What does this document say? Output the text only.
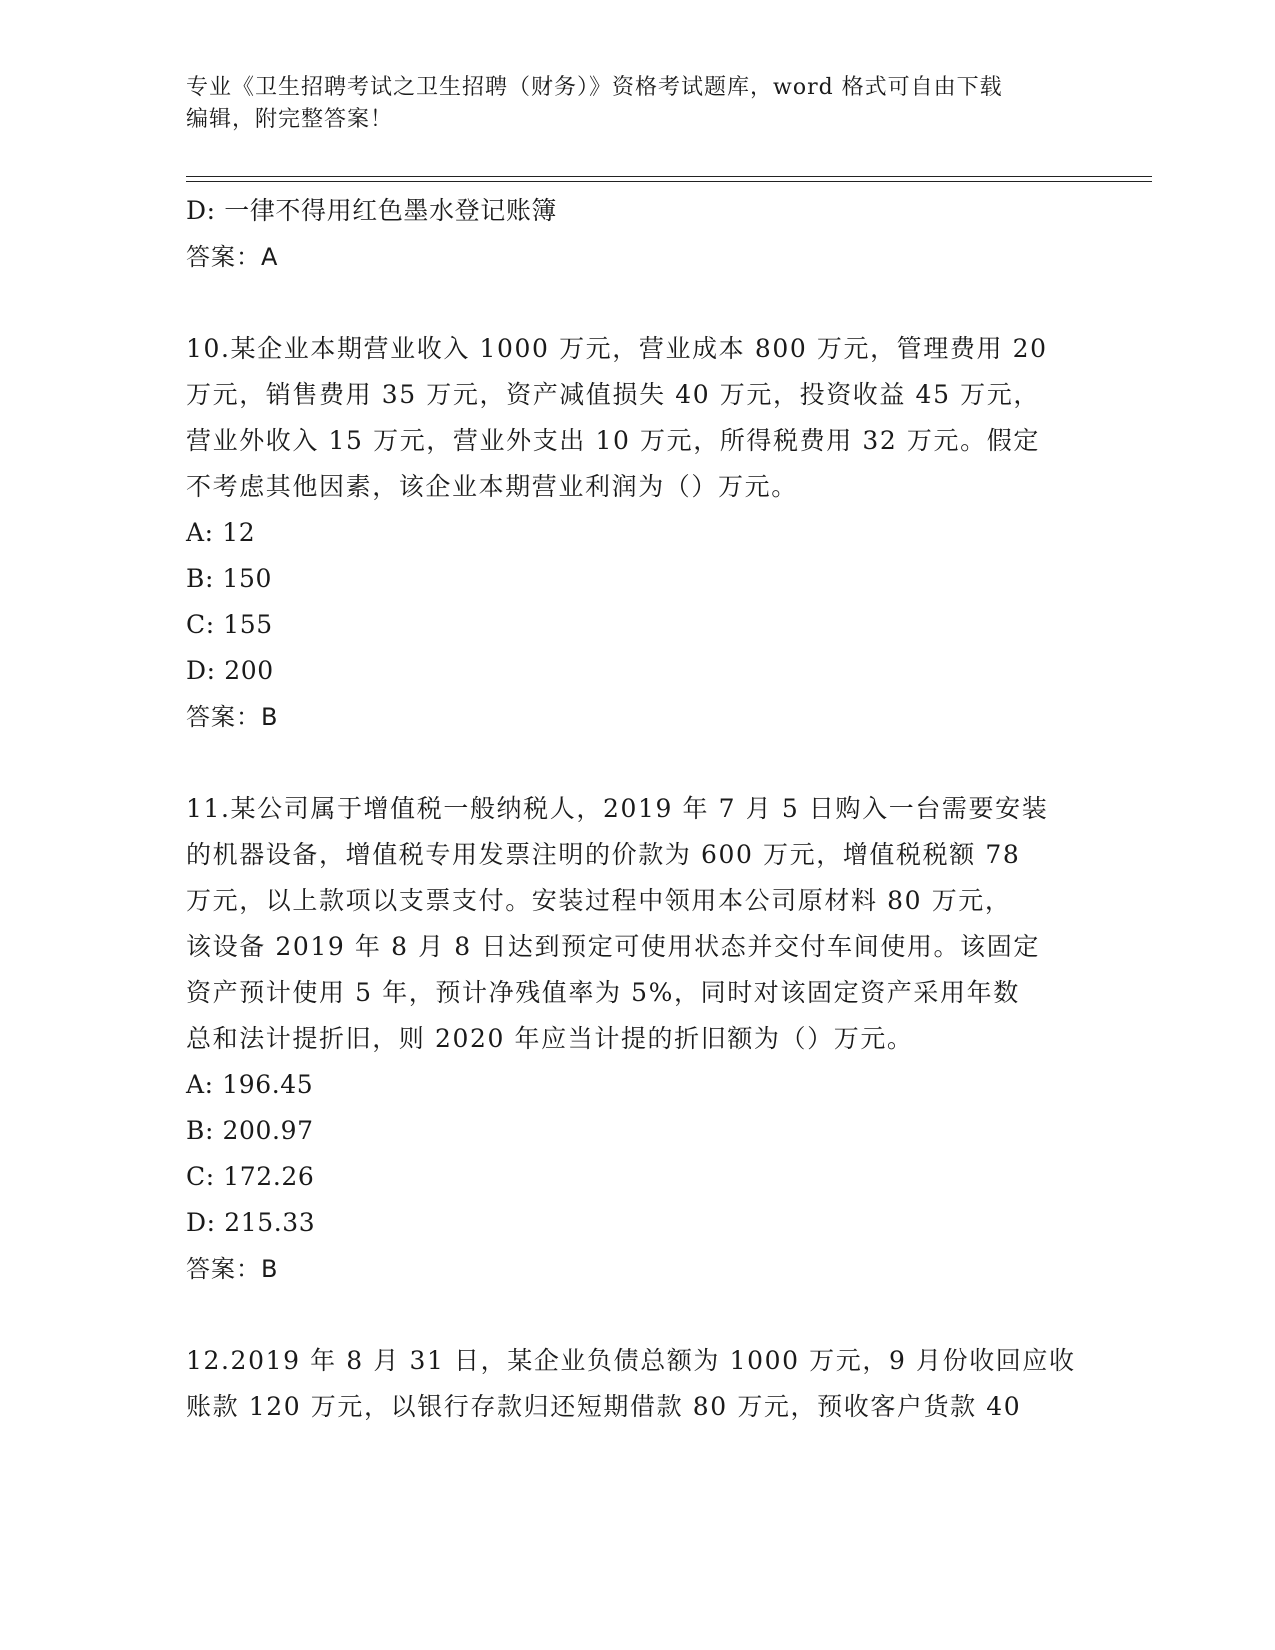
专业《卫生招聘考试之卫生招聘（财务）》资格考试题库，word 格式可自由下载
编辑，附完整答案！
D: 一律不得用红色墨水登记账簿
答案：A
10.某企业本期营业收入 1000 万元，营业成本 800 万元，管理费用 20
万元，销售费用 35 万元，资产减值损失 40 万元，投资收益 45 万元，
营业外收入 15 万元，营业外支出 10 万元，所得税费用 32 万元。假定
不考虑其他因素，该企业本期营业利润为（）万元。
A: 12
B: 150
C: 155
D: 200
答案：B
11.某公司属于增值税一般纳税人，2019 年 7 月 5 日购入一台需要安装
的机器设备，增值税专用发票注明的价款为 600 万元，增值税税额 78
万元，以上款项以支票支付。安装过程中领用本公司原材料 80 万元，
该设备 2019 年 8 月 8 日达到预定可使用状态并交付车间使用。该固定
资产预计使用 5 年，预计净残值率为 5%，同时对该固定资产采用年数
总和法计提折旧，则 2020 年应当计提的折旧额为（）万元。
A: 196.45
B: 200.97
C: 172.26
D: 215.33
答案：B
12.2019 年 8 月 31 日，某企业负债总额为 1000 万元，9 月份收回应收
账款 120 万元，以银行存款归还短期借款 80 万元，预收客户货款 40
